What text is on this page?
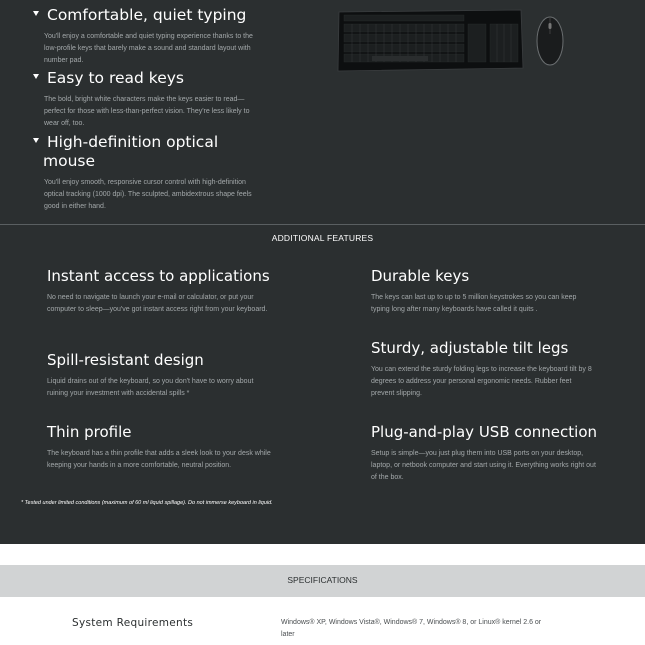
Comfortable, quiet typing
You'll enjoy a comfortable and quiet typing experience thanks to the low-profile keys that barely make a sound and standard layout with number pad.
Easy to read keys
The bold, bright white characters make the keys easier to read—perfect for those with less-than-perfect vision. They're less likely to wear off, too.
High-definition optical
mouse
You'll enjoy smooth, responsive cursor control with high-definition optical tracking (1000 dpi). The sculpted, ambidextrous shape feels good in either hand.
ADDITIONAL FEATURES
Instant access to applications
No need to navigate to launch your e-mail or calculator, or put your computer to sleep—you've got instant access right from your keyboard.
Spill-resistant design
Liquid drains out of the keyboard, so you don't have to worry about ruining your investment with accidental spills *
Thin profile
The keyboard has a thin profile that adds a sleek look to your desk while keeping your hands in a more comfortable, neutral position.
Durable keys
The keys can last up to up to 5 million keystrokes so you can keep typing long after many keyboards have called it quits .
Sturdy, adjustable tilt legs
You can extend the sturdy folding legs to increase the keyboard tilt by 8 degrees to address your personal ergonomic needs. Rubber feet prevent slipping.
Plug-and-play USB connection
Setup is simple—you just plug them into USB ports on your desktop, laptop, or netbook computer and start using it. Everything works right out of the box.
* Tested under limited conditions (maximum of 60 ml liquid spillage). Do not immerse keyboard in liquid.
SPECIFICATIONS
System Requirements	Windows® XP, Windows Vista®, Windows® 7, Windows® 8, or Linux® kernel 2.6 or later
